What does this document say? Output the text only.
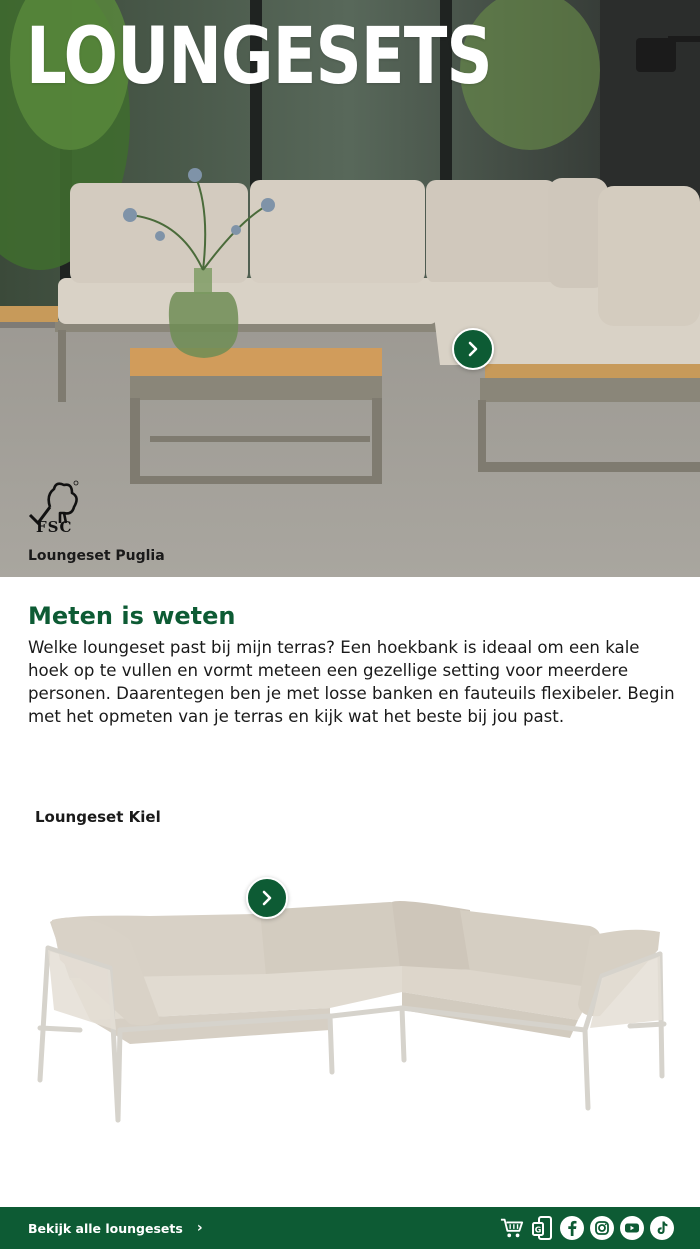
LOUNGESETS
FSC
Loungeset Puglia
Meten is weten

Welke loungeset past bij mijn terras? Een hoekbank is ideaal om een kale hoek op te vullen en vormt meteen een gezellige setting voor meerdere personen. Daarentegen ben je met losse banken en fauteuils flexibeler. Begin met het opmeten van je terras en kijk wat het beste bij jou past.

Loungeset Kiel
Bekijk alle loungesets ›	G
